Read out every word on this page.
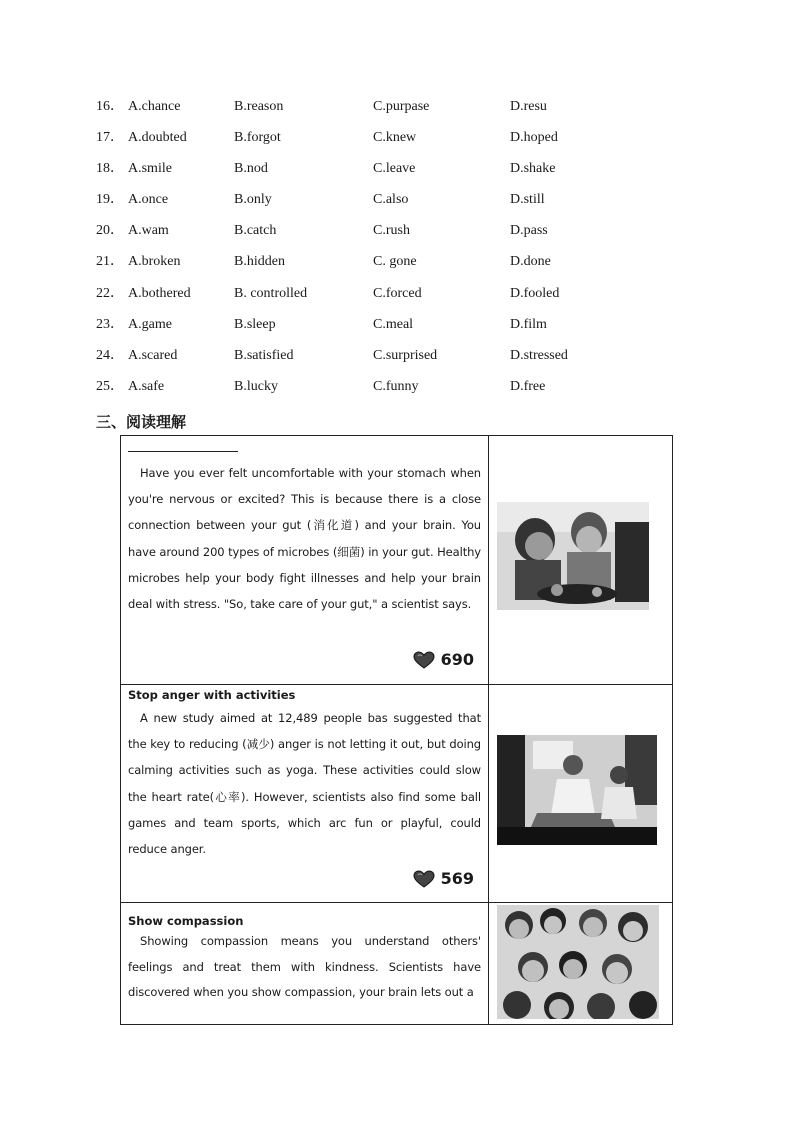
16． A.chance	B.reason	C.purpase	D.resu
17． A.doubted	B.forgot	C.knew	D.hoped
18． A.smile	B.nod	C.leave	D.shake
19． A.once	B.only	C.also	D.still
20． A.wam	B.catch	C.rush	D.pass
21． A.broken	B.hidden	C. gone	D.done
22． A.bothered	B. controlled	C.forced	D.fooled
23． A.game	B.sleep	C.meal	D.film
24． A.scared	B.satisfied	C.surprised	D.stressed
25． A.safe	B.lucky	C.funny	D.free
三、阅读理解

Have you ever felt uncomfortable with your stomach when you're nervous or excited? This is because there is a close connection between your gut (消化道) and your brain. You have around 200 types of microbes (细菌) in your gut. Healthy microbes help your body fight illnesses and help your brain deal with stress. "So, take care of your gut," a scientist says.

690
Stop anger with activities

A new study aimed at 12,489 people bas suggested that the key to reducing (减少) anger is not letting it out, but doing calming activities such as yoga. These activities could slow the heart rate(心率). However, scientists also find some ball games and team sports, which arc fun or playful, could reduce anger.

569
Show compassion

Showing compassion means you understand others' feelings and treat them with kindness. Scientists have discovered when you show compassion, your brain lets out a
